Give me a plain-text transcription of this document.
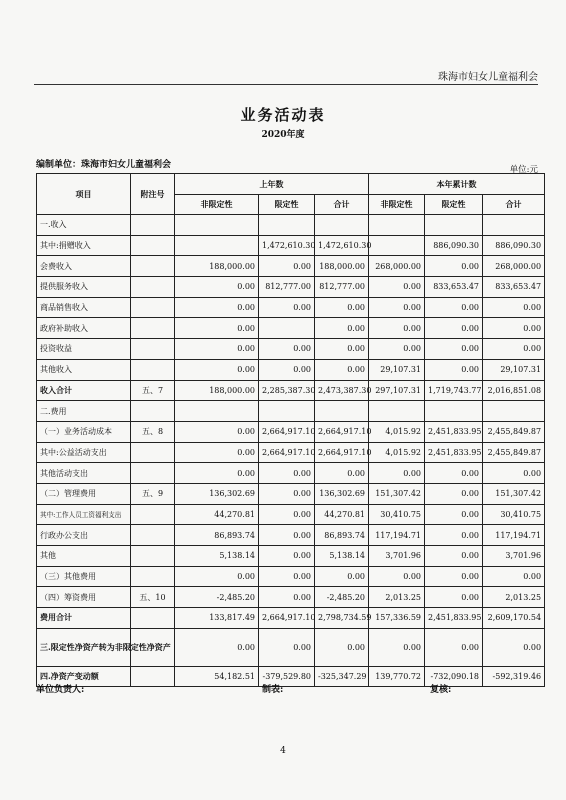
珠海市妇女儿童福利会
业务活动表
2020年度
编制单位：珠海市妇女儿童福利会	单位:元
项目	附注号	上年数			本年累计数		
		非限定性	限定性	合计	非限定性	限定性	合计
一.收入							
其中:捐赠收入			1,472,610.30	1,472,610.30		886,090.30	886,090.30
会费收入		188,000.00	0.00	188,000.00	268,000.00	0.00	268,000.00
提供服务收入		0.00	812,777.00	812,777.00	0.00	833,653.47	833,653.47
商品销售收入		0.00	0.00	0.00	0.00	0.00	0.00
政府补助收入		0.00		0.00	0.00	0.00	0.00
投资收益		0.00	0.00	0.00	0.00	0.00	0.00
其他收入		0.00	0.00	0.00	29,107.31	0.00	29,107.31
收入合计	五、7	188,000.00	2,285,387.30	2,473,387.30	297,107.31	1,719,743.77	2,016,851.08
二.费用							
（一）业务活动成本	五、8	0.00	2,664,917.10	2,664,917.10	4,015.92	2,451,833.95	2,455,849.87
其中:公益活动支出		0.00	2,664,917.10	2,664,917.10	4,015.92	2,451,833.95	2,455,849.87
其他活动支出		0.00	0.00	0.00	0.00	0.00	0.00
（二）管理费用	五、9	136,302.69	0.00	136,302.69	151,307.42	0.00	151,307.42
其中:工作人员工资福利支出		44,270.81	0.00	44,270.81	30,410.75	0.00	30,410.75
行政办公支出		86,893.74	0.00	86,893.74	117,194.71	0.00	117,194.71
其他		5,138.14	0.00	5,138.14	3,701.96	0.00	3,701.96
（三）其他费用		0.00	0.00	0.00	0.00	0.00	0.00
（四）筹资费用	五、10	-2,485.20	0.00	-2,485.20	2,013.25	0.00	2,013.25
费用合计		133,817.49	2,664,917.10	2,798,734.59	157,336.59	2,451,833.95	2,609,170.54
三.限定性净资产转为非限定性净资产		0.00	0.00	0.00	0.00	0.00	0.00
四.净资产变动额		54,182.51	-379,529.80	-325,347.29	139,770.72	-732,090.18	-592,319.46
单位负责人:	制表:	复核:
4
